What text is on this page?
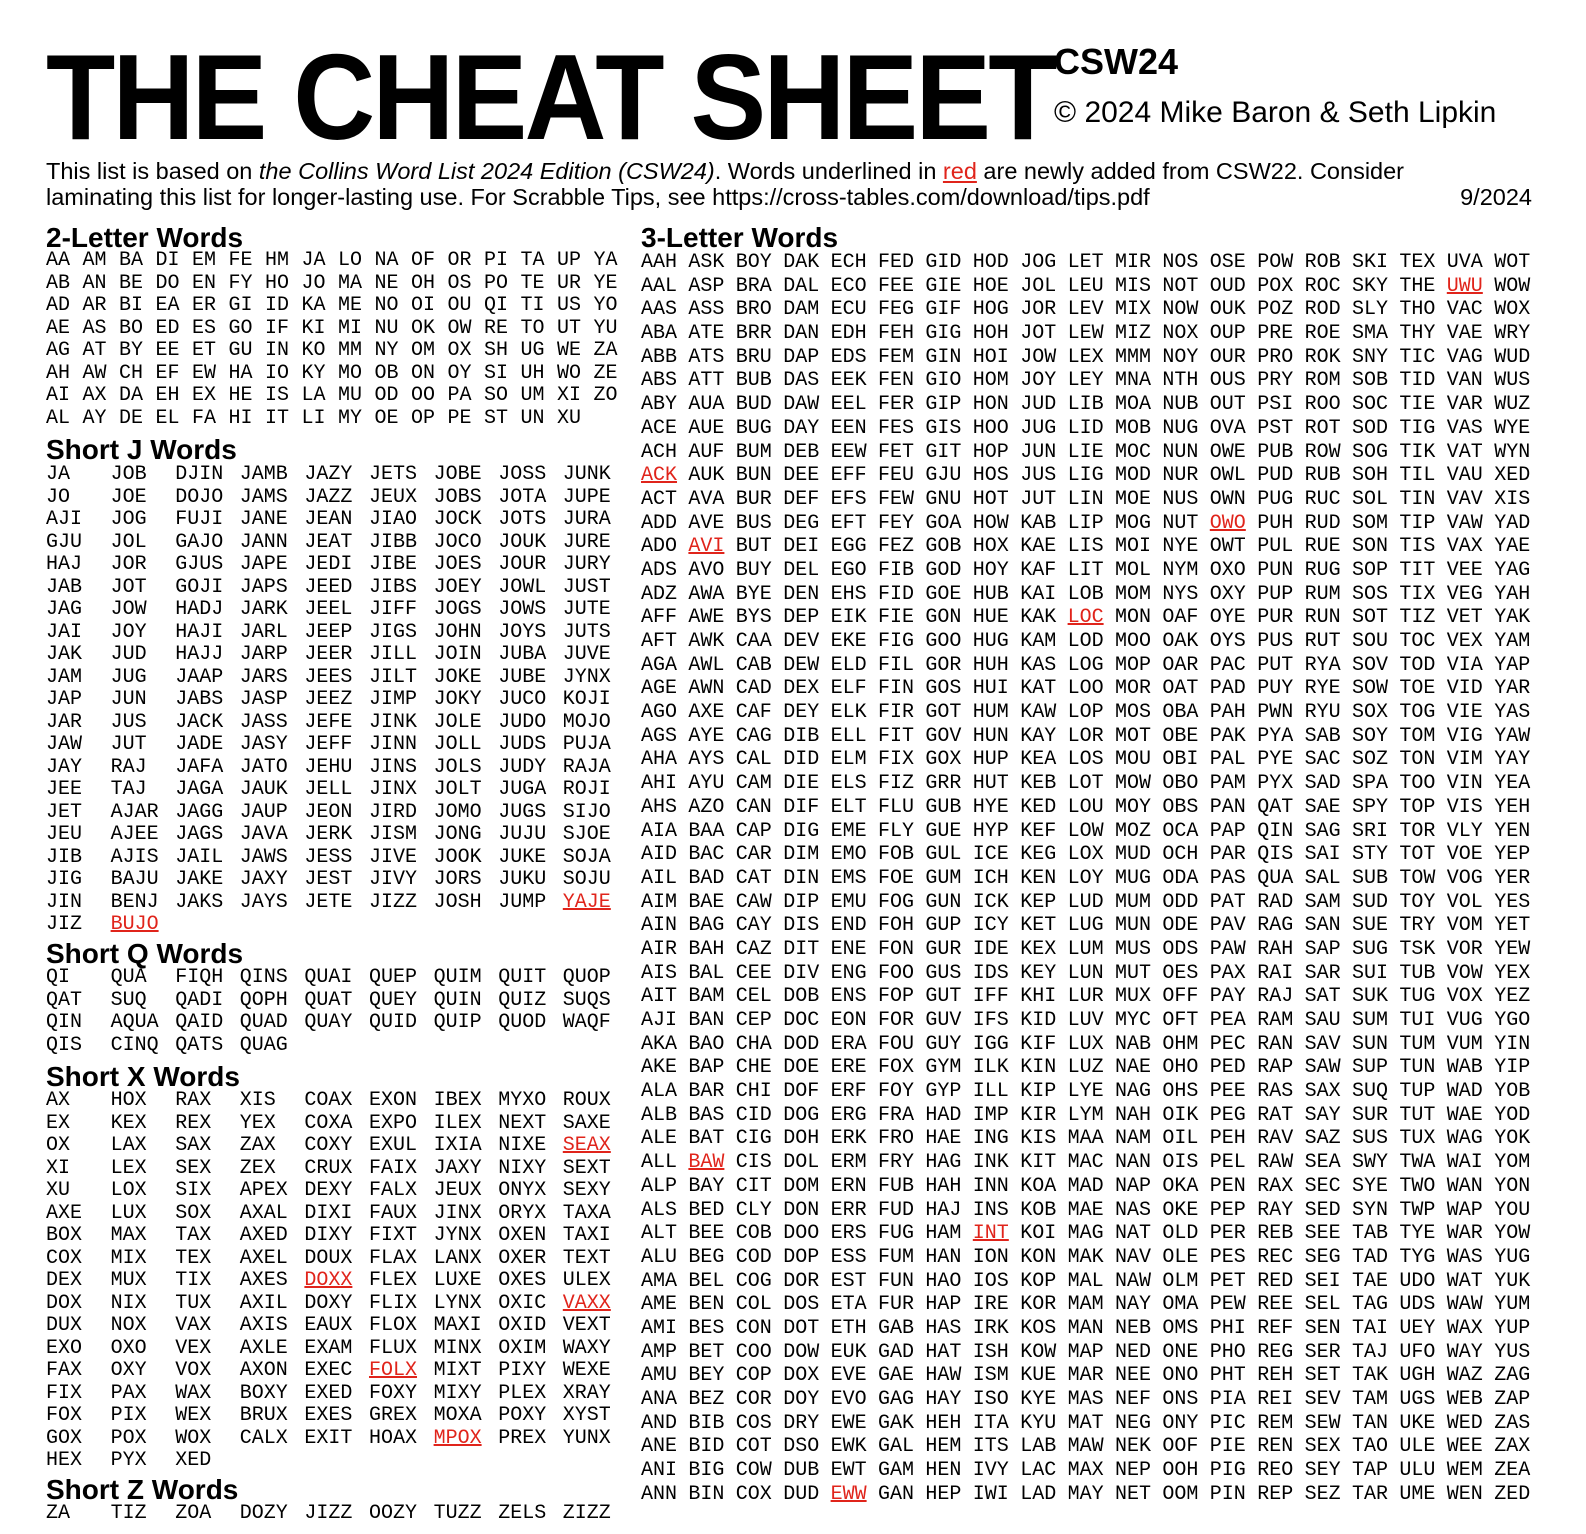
THE CHEAT SHEET CSW24
© 2024 Mike Baron & Seth Lipkin
This list is based on the Collins Word List 2024 Edition (CSW24). Words underlined in red are newly added from CSW22. Consider
laminating this list for longer-lasting use. For Scrabble Tips, see https://cross-tables.com/download/tips.pdf	9/2024
2-Letter Words
AA AM BA DI EM FE HM JA LO NA OF OR PI TA UP YA
AB AN BE DO EN FY HO JO MA NE OH OS PO TE UR YE
AD AR BI EA ER GI ID KA ME NO OI OU QI TI US YO
AE AS BO ED ES GO IF KI MI NU OK OW RE TO UT YU
AG AT BY EE ET GU IN KO MM NY OM OX SH UG WE ZA
AH AW CH EF EW HA IO KY MO OB ON OY SI UH WO ZE
AI AX DA EH EX HE IS LA MU OD OO PA SO UM XI ZO
AL AY DE EL FA HI IT LI MY OE OP PE ST UN XU
Short J Words
JA JOB DJIN JAMB JAZY JETS JOBE JOSS JUNK
JO JOE DOJO JAMS JAZZ JEUX JOBS JOTA JUPE
AJI JOG FUJI JANE JEAN JIAO JOCK JOTS JURA
GJU JOL GAJO JANN JEAT JIBB JOCO JOUK JURE
HAJ JOR GJUS JAPE JEDI JIBE JOES JOUR JURY
JAB JOT GOJI JAPS JEED JIBS JOEY JOWL JUST
JAG JOW HADJ JARK JEEL JIFF JOGS JOWS JUTE
JAI JOY HAJI JARL JEEP JIGS JOHN JOYS JUTS
JAK JUD HAJJ JARP JEER JILL JOIN JUBA JUVE
JAM JUG JAAP JARS JEES JILT JOKE JUBE JYNX
JAP JUN JABS JASP JEEZ JIMP JOKY JUCO KOJI
JAR JUS JACK JASS JEFE JINK JOLE JUDO MOJO
JAW JUT JADE JASY JEFF JINN JOLL JUDS PUJA
JAY RAJ JAFA JATO JEHU JINS JOLS JUDY RAJA
JEE TAJ JAGA JAUK JELL JINX JOLT JUGA ROJI
JET AJAR JAGG JAUP JEON JIRD JOMO JUGS SIJO
JEU AJEE JAGS JAVA JERK JISM JONG JUJU SJOE
JIB AJIS JAIL JAWS JESS JIVE JOOK JUKE SOJA
JIG BAJU JAKE JAXY JEST JIVY JORS JUKU SOJU
JIN BENJ JAKS JAYS JETE JIZZ JOSH JUMP YAJE
JIZ BUJO
Short Q Words
QI QUA FIQH QINS QUAI QUEP QUIM QUIT QUOP
QAT SUQ QADI QOPH QUAT QUEY QUIN QUIZ SUQS
QIN AQUA QAID QUAD QUAY QUID QUIP QUOD WAQF
QIS CINQ QATS QUAG
Short X Words
AX HOX RAX XIS COAX EXON IBEX MYXO ROUX
EX KEX REX YEX COXA EXPO ILEX NEXT SAXE
OX LAX SAX ZAX COXY EXUL IXIA NIXE SEAX
XI LEX SEX ZEX CRUX FAIX JAXY NIXY SEXT
XU LOX SIX APEX DEXY FALX JEUX ONYX SEXY
AXE LUX SOX AXAL DIXI FAUX JINX ORYX TAXA
BOX MAX TAX AXED DIXY FIXT JYNX OXEN TAXI
COX MIX TEX AXEL DOUX FLAX LANX OXER TEXT
DEX MUX TIX AXES DOXX FLEX LUXE OXES ULEX
DOX NIX TUX AXIL DOXY FLIX LYNX OXIC VAXX
DUX NOX VAX AXIS EAUX FLOX MAXI OXID VEXT
EXO OXO VEX AXLE EXAM FLUX MINX OXIM WAXY
FAX OXY VOX AXON EXEC FOLX MIXT PIXY WEXE
FIX PAX WAX BOXY EXED FOXY MIXY PLEX XRAY
FOX PIX WEX BRUX EXES GREX MOXA POXY XYST
GOX POX WOX CALX EXIT HOAX MPOX PREX YUNX
HEX PYX XED
Short Z Words
ZA TIZ ZOA DOZY JIZZ OOZY TUZZ ZELS ZIZZ
3-Letter Words
AAH ASK BOY DAK ECH FED GID HOD JOG LET MIR NOS OSE POW ROB SKI TEX UVA WOT
AAL ASP BRA DAL ECO FEE GIE HOE JOL LEU MIS NOT OUD POX ROC SKY THE UWU WOW
AAS ASS BRO DAM ECU FEG GIF HOG JOR LEV MIX NOW OUK POZ ROD SLY THO VAC WOX
ABA ATE BRR DAN EDH FEH GIG HOH JOT LEW MIZ NOX OUP PRE ROE SMA THY VAE WRY
ABB ATS BRU DAP EDS FEM GIN HOI JOW LEX MMM NOY OUR PRO ROK SNY TIC VAG WUD
ABS ATT BUB DAS EEK FEN GIO HOM JOY LEY MNA NTH OUS PRY ROM SOB TID VAN WUS
ABY AUA BUD DAW EEL FER GIP HON JUD LIB MOA NUB OUT PSI ROO SOC TIE VAR WUZ
ACE AUE BUG DAY EEN FES GIS HOO JUG LID MOB NUG OVA PST ROT SOD TIG VAS WYE
ACH AUF BUM DEB EEW FET GIT HOP JUN LIE MOC NUN OWE PUB ROW SOG TIK VAT WYN
ACK AUK BUN DEE EFF FEU GJU HOS JUS LIG MOD NUR OWL PUD RUB SOH TIL VAU XED
ACT AVA BUR DEF EFS FEW GNU HOT JUT LIN MOE NUS OWN PUG RUC SOL TIN VAV XIS
ADD AVE BUS DEG EFT FEY GOA HOW KAB LIP MOG NUT OWO PUH RUD SOM TIP VAW YAD
ADO AVI BUT DEI EGG FEZ GOB HOX KAE LIS MOI NYE OWT PUL RUE SON TIS VAX YAE
ADS AVO BUY DEL EGO FIB GOD HOY KAF LIT MOL NYM OXO PUN RUG SOP TIT VEE YAG
ADZ AWA BYE DEN EHS FID GOE HUB KAI LOB MOM NYS OXY PUP RUM SOS TIX VEG YAH
AFF AWE BYS DEP EIK FIE GON HUE KAK LOC MON OAF OYE PUR RUN SOT TIZ VET YAK
AFT AWK CAA DEV EKE FIG GOO HUG KAM LOD MOO OAK OYS PUS RUT SOU TOC VEX YAM
AGA AWL CAB DEW ELD FIL GOR HUH KAS LOG MOP OAR PAC PUT RYA SOV TOD VIA YAP
AGE AWN CAD DEX ELF FIN GOS HUI KAT LOO MOR OAT PAD PUY RYE SOW TOE VID YAR
AGO AXE CAF DEY ELK FIR GOT HUM KAW LOP MOS OBA PAH PWN RYU SOX TOG VIE YAS
AGS AYE CAG DIB ELL FIT GOV HUN KAY LOR MOT OBE PAK PYA SAB SOY TOM VIG YAW
AHA AYS CAL DID ELM FIX GOX HUP KEA LOS MOU OBI PAL PYE SAC SOZ TON VIM YAY
AHI AYU CAM DIE ELS FIZ GRR HUT KEB LOT MOW OBO PAM PYX SAD SPA TOO VIN YEA
AHS AZO CAN DIF ELT FLU GUB HYE KED LOU MOY OBS PAN QAT SAE SPY TOP VIS YEH
AIA BAA CAP DIG EME FLY GUE HYP KEF LOW MOZ OCA PAP QIN SAG SRI TOR VLY YEN
AID BAC CAR DIM EMO FOB GUL ICE KEG LOX MUD OCH PAR QIS SAI STY TOT VOE YEP
AIL BAD CAT DIN EMS FOE GUM ICH KEN LOY MUG ODA PAS QUA SAL SUB TOW VOG YER
AIM BAE CAW DIP EMU FOG GUN ICK KEP LUD MUM ODD PAT RAD SAM SUD TOY VOL YES
AIN BAG CAY DIS END FOH GUP ICY KET LUG MUN ODE PAV RAG SAN SUE TRY VOM YET
AIR BAH CAZ DIT ENE FON GUR IDE KEX LUM MUS ODS PAW RAH SAP SUG TSK VOR YEW
AIS BAL CEE DIV ENG FOO GUS IDS KEY LUN MUT OES PAX RAI SAR SUI TUB VOW YEX
AIT BAM CEL DOB ENS FOP GUT IFF KHI LUR MUX OFF PAY RAJ SAT SUK TUG VOX YEZ
AJI BAN CEP DOC EON FOR GUV IFS KID LUV MYC OFT PEA RAM SAU SUM TUI VUG YGO
AKA BAO CHA DOD ERA FOU GUY IGG KIF LUX NAB OHM PEC RAN SAV SUN TUM VUM YIN
AKE BAP CHE DOE ERE FOX GYM ILK KIN LUZ NAE OHO PED RAP SAW SUP TUN WAB YIP
ALA BAR CHI DOF ERF FOY GYP ILL KIP LYE NAG OHS PEE RAS SAX SUQ TUP WAD YOB
ALB BAS CID DOG ERG FRA HAD IMP KIR LYM NAH OIK PEG RAT SAY SUR TUT WAE YOD
ALE BAT CIG DOH ERK FRO HAE ING KIS MAA NAM OIL PEH RAV SAZ SUS TUX WAG YOK
ALL BAW CIS DOL ERM FRY HAG INK KIT MAC NAN OIS PEL RAW SEA SWY TWA WAI YOM
ALP BAY CIT DOM ERN FUB HAH INN KOA MAD NAP OKA PEN RAX SEC SYE TWO WAN YON
ALS BED CLY DON ERR FUD HAJ INS KOB MAE NAS OKE PEP RAY SED SYN TWP WAP YOU
ALT BEE COB DOO ERS FUG HAM INT KOI MAG NAT OLD PER REB SEE TAB TYE WAR YOW
ALU BEG COD DOP ESS FUM HAN ION KON MAK NAV OLE PES REC SEG TAD TYG WAS YUG
AMA BEL COG DOR EST FUN HAO IOS KOP MAL NAW OLM PET RED SEI TAE UDO WAT YUK
AME BEN COL DOS ETA FUR HAP IRE KOR MAM NAY OMA PEW REE SEL TAG UDS WAW YUM
AMI BES CON DOT ETH GAB HAS IRK KOS MAN NEB OMS PHI REF SEN TAI UEY WAX YUP
AMP BET COO DOW EUK GAD HAT ISH KOW MAP NED ONE PHO REG SER TAJ UFO WAY YUS
AMU BEY COP DOX EVE GAE HAW ISM KUE MAR NEE ONO PHT REH SET TAK UGH WAZ ZAG
ANA BEZ COR DOY EVO GAG HAY ISO KYE MAS NEF ONS PIA REI SEV TAM UGS WEB ZAP
AND BIB COS DRY EWE GAK HEH ITA KYU MAT NEG ONY PIC REM SEW TAN UKE WED ZAS
ANE BID COT DSO EWK GAL HEM ITS LAB MAW NEK OOF PIE REN SEX TAO ULE WEE ZAX
ANI BIG COW DUB EWT GAM HEN IVY LAC MAX NEP OOH PIG REO SEY TAP ULU WEM ZEA
ANN BIN COX DUD EWW GAN HEP IWI LAD MAY NET OOM PIN REP SEZ TAR UME WEN ZED
